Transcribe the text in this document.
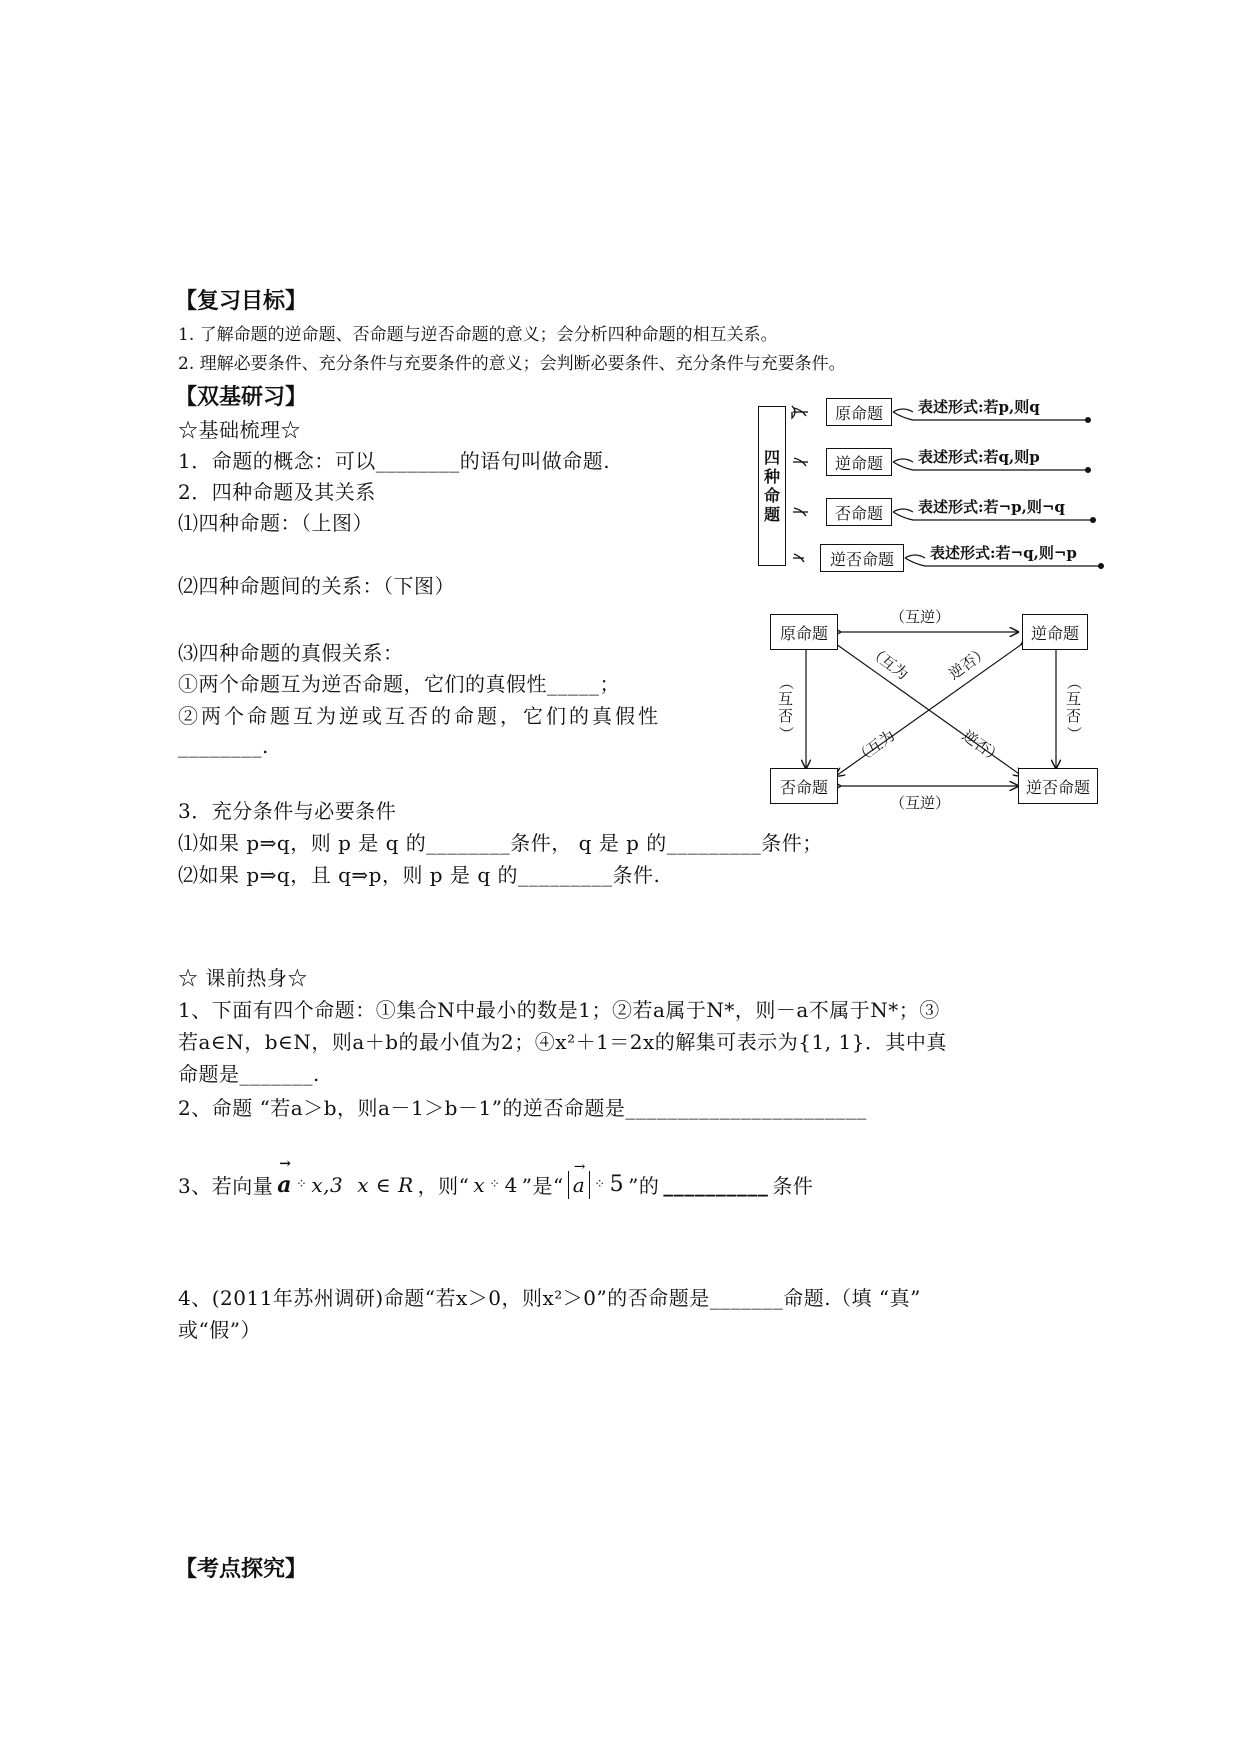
【复习目标】
1. 了解命题的逆命题、否命题与逆否命题的意义；会分析四种命题的相互关系。
2. 理解必要条件、充分条件与充要条件的意义；会判断必要条件、充分条件与充要条件。
【双基研习】
☆基础梳理☆
1．命题的概念：可以________的语句叫做命题.
2．四种命题及其关系
⑴四种命题：（上图）
⑵四种命题间的关系：（下图）
⑶四种命题的真假关系：
①两个命题互为逆否命题，它们的真假性_____；
②两个命题互为逆或互否的命题，它们的真假性
________.
3．充分条件与必要条件
⑴如果 p⇒q，则 p 是 q 的________条件， q 是 p 的_________条件；
⑵如果 p⇒q，且 q⇒p，则 p 是 q 的_________条件.
四
种
命
题
原命题
逆命题
否命题
逆否命题
表述形式:若p,则q
表述形式:若q,则p
表述形式:若¬p,则¬q
表述形式:若¬q,则¬p
原命题	逆命题
否命题	逆否命题
（互逆）
（互逆）
（
互
否
）
（
互
否
）
（互为 逆否）
（互为	逆否）
☆ 课前热身☆
1、下面有四个命题：①集合N中最小的数是1；②若a属于N*，则－a不属于N*；③
若a∈N，b∈N，则a＋b的最小值为2；④x²＋1＝2x的解集可表示为{1, 1}．其中真
命题是_______.
2、命题 “若a＞b，则a－1＞b－1”的逆否命题是_______________________
3、若向量
→
a ⁘ x,3 x ∈ R ，则“ x ⁘ 4 ”是“
→
a ⁘ 5 ”的 __________ 条件
4、(2011年苏州调研)命题“若x＞0，则x²＞0”的否命题是_______命题.（填 “真”
或“假”）
【考点探究】
